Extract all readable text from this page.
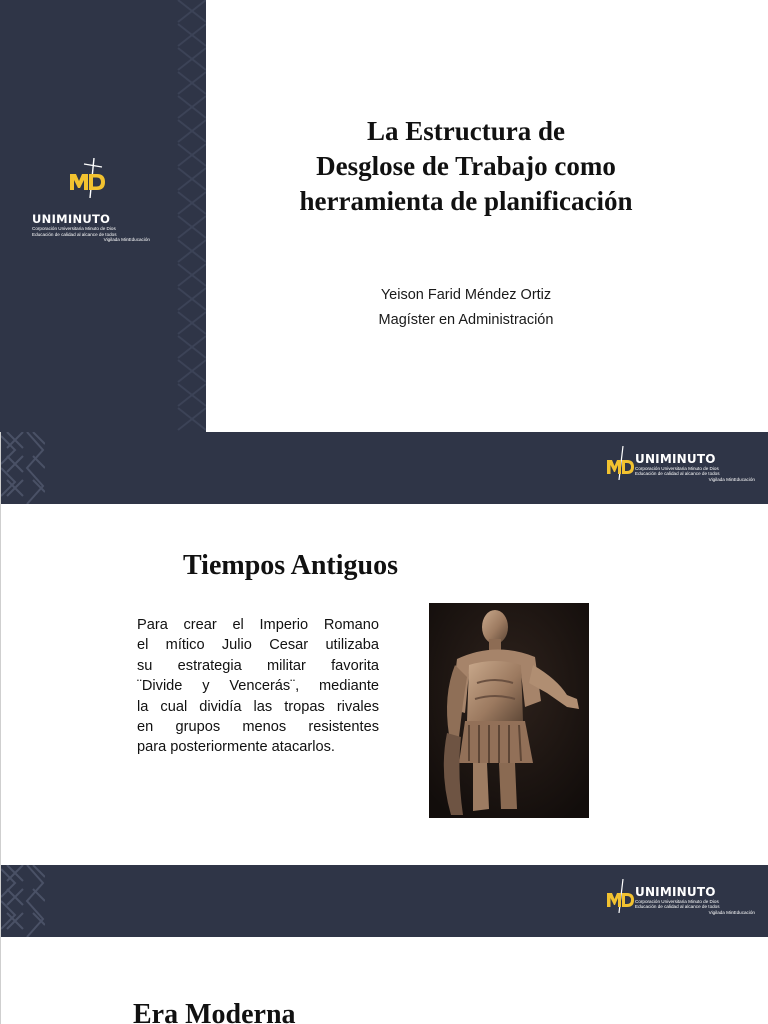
UNIMINUTO
Corporación Universitaria Minuto de Dios
Educación de calidad al alcance de todos
Vigilada MinEducación
La Estructura de
Desglose de Trabajo como
herramienta de planificación
Yeison Farid Méndez Ortiz
Magíster en Administración
UNIMINUTO
Corporación Universitaria Minuto de Dios
Educación de calidad al alcance de todos
Vigilada MinEducación
Tiempos Antiguos
Para crear el Imperio Romano
el mítico Julio Cesar utilizaba
su estrategia militar favorita
¨Divide y Vencerás¨, mediante
la cual dividía las tropas rivales
en grupos menos resistentes
para posteriormente atacarlos.
UNIMINUTO
Corporación Universitaria Minuto de Dios
Educación de calidad al alcance de todos
Vigilada MinEducación
Era Moderna
